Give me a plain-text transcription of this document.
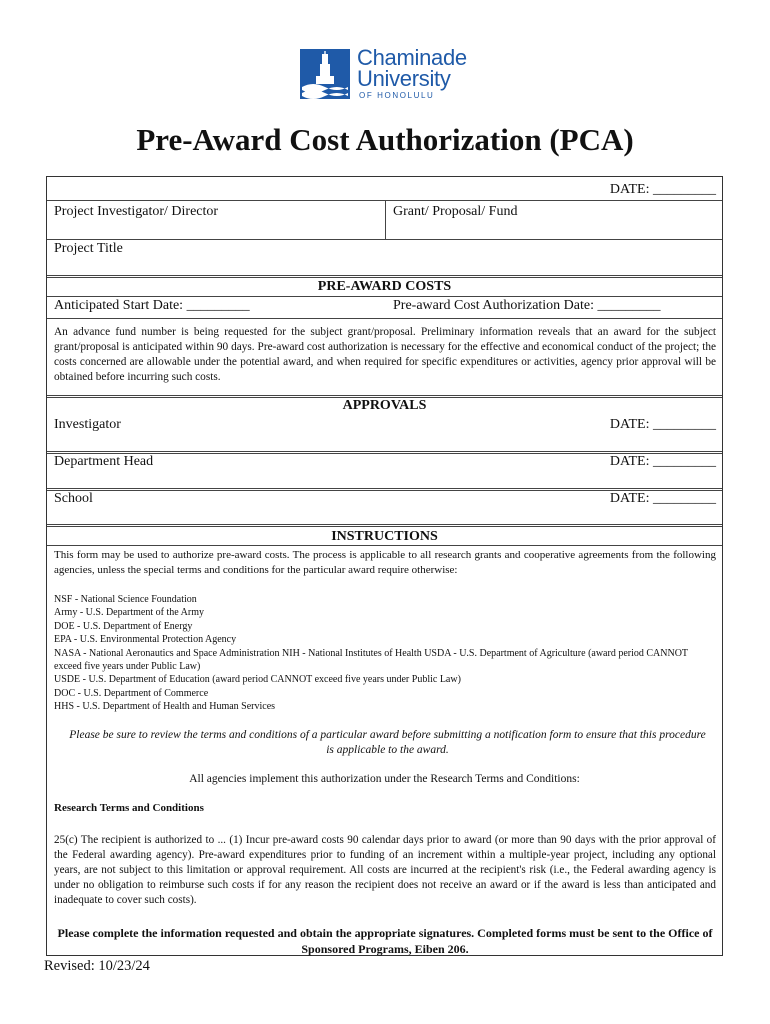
Chaminade
University
OF HONOLULU
Pre-Award Cost Authorization (PCA)
DATE: _________
Project Investigator/ Director	Grant/ Proposal/ Fund
Project Title
PRE-AWARD COSTS
Anticipated Start Date: _________	Pre-award Cost Authorization Date: _________
An advance fund number is being requested for the subject grant/proposal. Preliminary information reveals that an award for the subject grant/proposal is anticipated within 90 days. Pre-award cost authorization is necessary for the effective and economical conduct of the project; the costs concerned are allowable under the potential award, and when required for specific expenditures or activities, agency prior approval will be obtained before incurring such costs.
APPROVALS
Investigator	DATE: _________
Department Head	DATE: _________
School	DATE: _________
INSTRUCTIONS
This form may be used to authorize pre-award costs. The process is applicable to all research grants and cooperative agreements from the following agencies, unless the special terms and conditions for the particular award require otherwise:
NSF - National Science Foundation
Army - U.S. Department of the Army
DOE - U.S. Department of Energy
EPA - U.S. Environmental Protection Agency
NASA - National Aeronautics and Space Administration NIH - National Institutes of Health USDA - U.S. Department of Agriculture (award period CANNOT exceed five years under Public Law)
USDE - U.S. Department of Education (award period CANNOT exceed five years under Public Law)
DOC - U.S. Department of Commerce
HHS - U.S. Department of Health and Human Services
Please be sure to review the terms and conditions of a particular award before submitting a notification form to ensure that this procedure is applicable to the award.
All agencies implement this authorization under the Research Terms and Conditions:
Research Terms and Conditions
25(c) The recipient is authorized to ... (1) Incur pre-award costs 90 calendar days prior to award (or more than 90 days with the prior approval of the Federal awarding agency). Pre-award expenditures prior to funding of an increment within a multiple-year project, including any optional years, are not subject to this limitation or approval requirement. All costs are incurred at the recipient's risk (i.e., the Federal awarding agency is under no obligation to reimburse such costs if for any reason the recipient does not receive an award or if the award is less than anticipated and inadequate to cover such costs).
Please complete the information requested and obtain the appropriate signatures. Completed forms must be sent to the Office of Sponsored Programs, Eiben 206.
Revised: 10/23/24
